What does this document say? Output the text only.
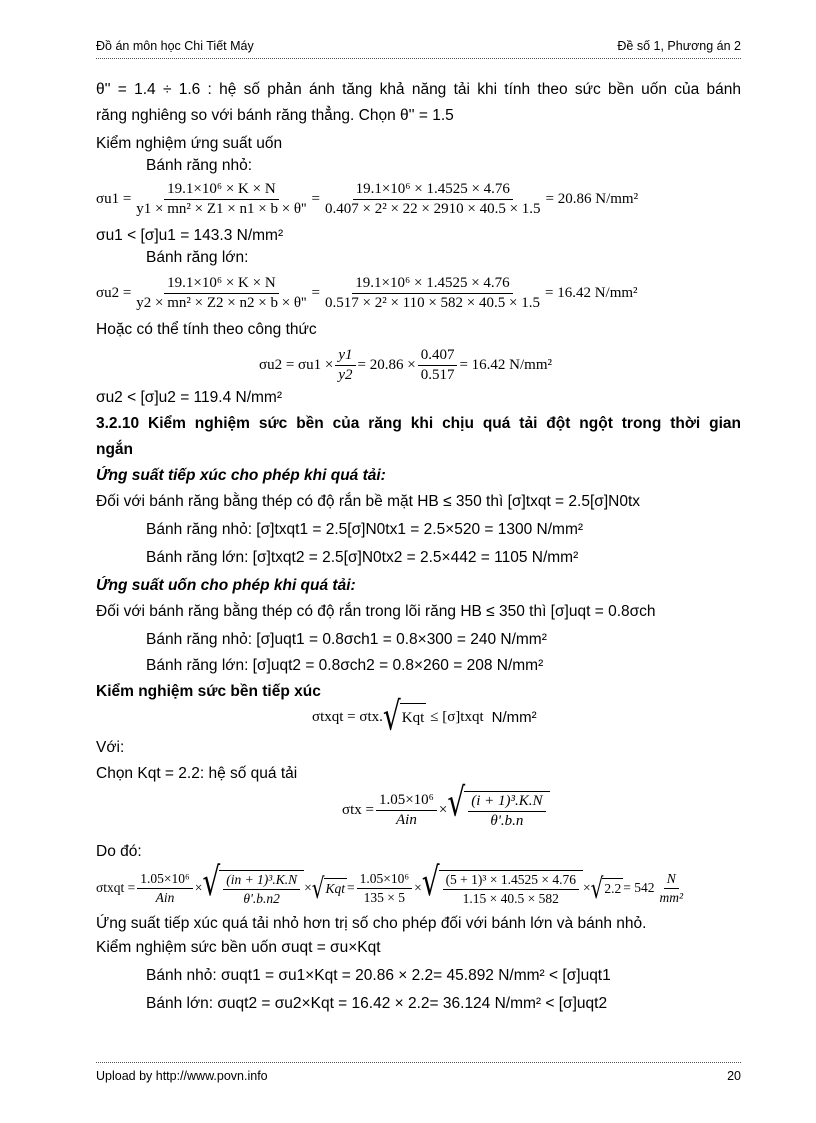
Đồ án môn học Chi Tiết Máy	Đề số 1, Phương án 2
θ'' = 1.4 ÷ 1.6 : hệ số phản ánh tăng khả năng tải khi tính theo sức bền uốn của bánh
răng nghiêng so với bánh răng thẳng. Chọn θ'' = 1.5
Kiểm nghiệm ứng suất uốn
Bánh răng nhỏ:
$\sigma u1 = \frac{\text{19.1×10⁶ × K × N}}{\text{y1 × mn² × Z1 × n1 × b × θ''}} = \frac{\text{19.1×10⁶ × 1.4525 × 4.76}}{\text{0.407 × 2² × 22 × 2910 × 40.5 × 1.5}} = 20.86$ N/mm²
σu1 < [σ]u1 = 143.3 N/mm²
Bánh răng lớn:
$\sigma u2 = \frac{\text{19.1×10⁶ × K × N}}{\text{y2 × mn² × Z2 × n2 × b × θ''}} = \frac{\text{19.1×10⁶ × 1.4525 × 4.76}}{\text{0.517 × 2² × 110 × 582 × 40.5 × 1.5}} = 16.42$ N/mm²
Hoặc có thể tính theo công thức
$\sigma u2 = \sigma u1 \times \frac{y1}{y2} = 20.86 \times \frac{0.407}{0.517} = 16.42$ N/mm²
σu2 < [σ]u2 = 119.4 N/mm²
3.2.10 Kiểm nghiệm sức bền của răng khi chịu quá tải đột ngột trong thời gian
ngắn
Ứng suất tiếp xúc cho phép khi quá tải:
Đối với bánh răng bằng thép có độ rắn bề mặt HB ≤ 350 thì [σ]txqt = 2.5[σ]N0tx
Bánh răng nhỏ: [σ]txqt1 = 2.5[σ]N0tx1 = 2.5×520 = 1300 N/mm²
Bánh răng lớn: [σ]txqt2 = 2.5[σ]N0tx2 = 2.5×442 = 1105 N/mm²
Ứng suất uốn cho phép khi quá tải:
Đối với bánh răng bằng thép có độ rắn trong lõi răng HB ≤ 350 thì [σ]uqt = 0.8σch
Bánh răng nhỏ: [σ]uqt1 = 0.8σch1 = 0.8×300 = 240 N/mm²
Bánh răng lớn: [σ]uqt2 = 0.8σch2 = 0.8×260 = 208 N/mm²
Kiểm nghiệm sức bền tiếp xúc
σtxqt = σtx. √ Kqt ≤ [σ]txqt N/mm²
Với:
Chọn Kqt = 2.2: hệ số quá tải
$\sigma tx = \frac{\text{1.05×10⁶}}{\text{Ain}}$ × √ $\frac{\text{(i + 1)³.K.N}}{\theta'.b.n}$
Do đó:
σtxqt = $\frac{\text{1.05×10⁶}}{\text{Ain}}$ × √ $\frac{\text{(in + 1)³.K.N}}{\theta'.b.n2}$ × √ Kqt = $\frac{\text{1.05×10⁶}}{135 \times 5}$ × √ $\frac{\text{(5 + 1)³ × 1.4525 × 4.76}}{1.15 \times 40.5 \times 582}$ × √ $2.2 = 542 \frac{N}{\text{mm²}}$
Ứng suất tiếp xúc quá tải nhỏ hơn trị số cho phép đối với bánh lớn và bánh nhỏ.
Kiểm nghiệm sức bền uốn σuqt = σu×Kqt
Bánh nhỏ: σuqt1 = σu1×Kqt = 20.86 × 2.2= 45.892 N/mm² < [σ]uqt1
Bánh lớn: σuqt2 = σu2×Kqt = 16.42 × 2.2= 36.124 N/mm² < [σ]uqt2
Upload by http://www.povn.info	20
